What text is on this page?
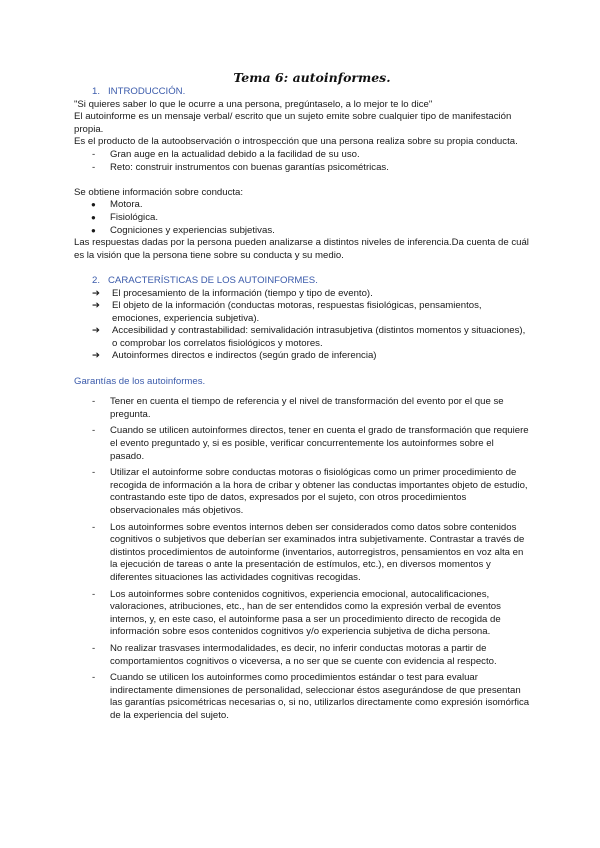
Tema 6: autoinformes.
1. INTRODUCCIÓN.

"Si quieres saber lo que le ocurre a una persona, pregúntaselo, a lo mejor te lo dice"

El autoinforme es un mensaje verbal/ escrito que un sujeto emite sobre cualquier tipo de manifestación propia.

Es el producto de la autoobservación o introspección que una persona realiza sobre su propia conducta.

- Gran auge en la actualidad debido a la facilidad de su uso.
- Reto: construir instrumentos con buenas garantías psicométricas.

Se obtiene información sobre conducta:

● Motora.
● Fisiológica.
● Cogniciones y experiencias subjetivas.

Las respuestas dadas por la persona pueden analizarse a distintos niveles de inferencia.Da cuenta de cuál es la visión que la persona tiene sobre su conducta y su medio.

2. CARACTERÍSTICAS DE LOS AUTOINFORMES.
➔ El procesamiento de la información (tiempo y tipo de evento).
➔ El objeto de la información (conductas motoras, respuestas fisiológicas, pensamientos, emociones, experiencia subjetiva).
➔ Accesibilidad y contrastabilidad: semivalidación intrasubjetiva (distintos momentos y situaciones), o comprobar los correlatos fisiológicos y motores.
➔ Autoinformes directos e indirectos (según grado de inferencia)

Garantías de los autoinformes.

- Tener en cuenta el tiempo de referencia y el nivel de transformación del evento por el que se pregunta.
- Cuando se utilicen autoinformes directos, tener en cuenta el grado de transformación que requiere el evento preguntado y, si es posible, verificar concurrentemente los autoinformes sobre el pasado.
- Utilizar el autoinforme sobre conductas motoras o fisiológicas como un primer procedimiento de recogida de información a la hora de cribar y obtener las conductas importantes objeto de estudio, contrastando este tipo de datos, expresados por el sujeto, con otros procedimientos observacionales más objetivos.
- Los autoinformes sobre eventos internos deben ser considerados como datos sobre contenidos cognitivos o subjetivos que deberían ser examinados intra subjetivamente. Contrastar a través de distintos procedimientos de autoinforme (inventarios, autorregistros, pensamientos en voz alta en la ejecución de tareas o ante la presentación de estímulos, etc.), en diversos momentos y diferentes situaciones las actividades cognitivas recogidas.
- Los autoinformes sobre contenidos cognitivos, experiencia emocional, autocalificaciones, valoraciones, atribuciones, etc., han de ser entendidos como la expresión verbal de eventos internos, y, en este caso, el autoinforme pasa a ser un procedimiento directo de recogida de información sobre esos contenidos cognitivos y/o experiencia subjetiva de dicha persona.
- No realizar trasvases intermodalidades, es decir, no inferir conductas motoras a partir de comportamientos cognitivos o viceversa, a no ser que se cuente con evidencia al respecto.
- Cuando se utilicen los autoinformes como procedimientos estándar o test para evaluar indirectamente dimensiones de personalidad, seleccionar éstos asegurándose de que presentan las garantías psicométricas necesarias o, si no, utilizarlos directamente como expresión isomórfica de la experiencia del sujeto.
